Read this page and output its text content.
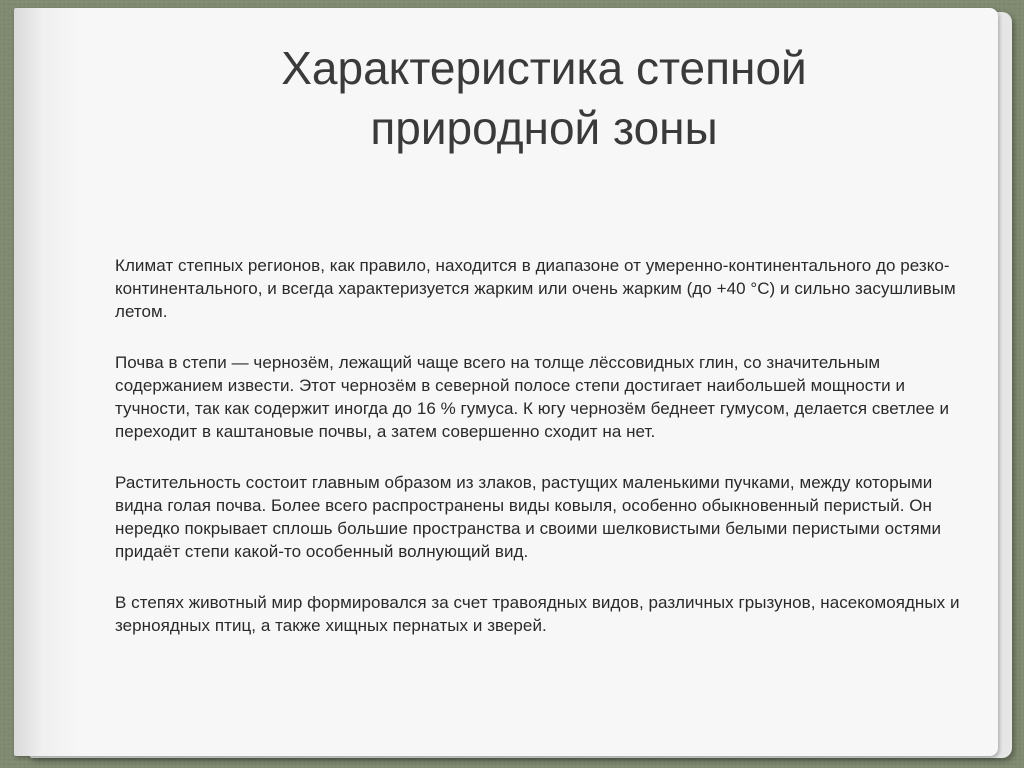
Характеристика степной
природной зоны

Климат степных регионов, как правило, находится в диапазоне от умеренно-континентального до резко-континентального, и всегда характеризуется жарким или очень жарким (до +40 °С) и сильно засушливым летом.

Почва в степи — чернозём, лежащий чаще всего на толще лёссовидных глин, со значительным содержанием извести. Этот чернозём в северной полосе степи достигает наибольшей мощности и тучности, так как содержит иногда до 16 % гумуса. К югу чернозём беднеет гумусом, делается светлее и переходит в каштановые почвы, а затем совершенно сходит на нет.

Растительность состоит главным образом из злаков, растущих маленькими пучками, между которыми видна голая почва. Более всего распространены виды ковыля, особенно обыкновенный перистый. Он нередко покрывает сплошь большие пространства и своими шелковистыми белыми перистыми остями придаёт степи какой-то особенный волнующий вид.

В степях животный мир формировался за счет травоядных видов, различных грызунов, насекомоядных и зерноядных птиц, а также хищных пернатых и зверей.
